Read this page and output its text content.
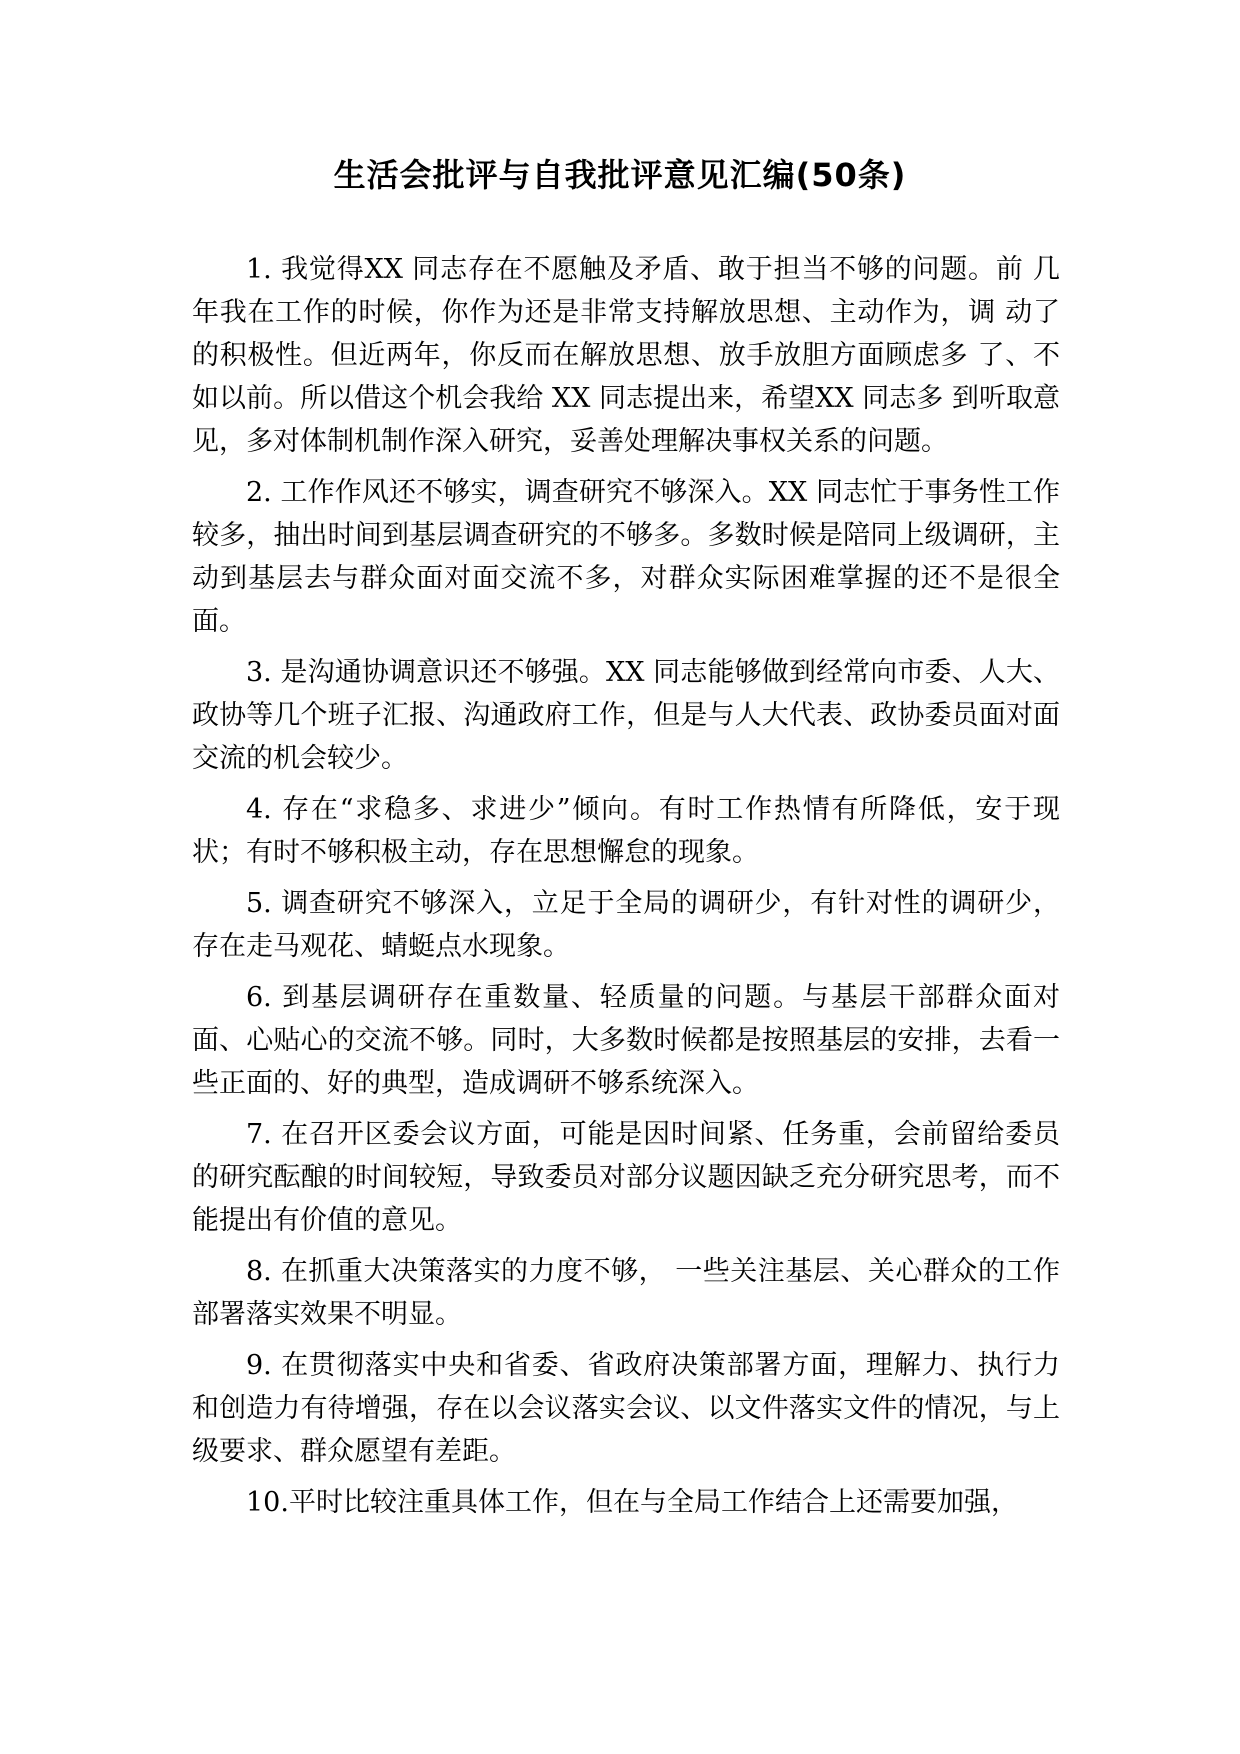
生活会批评与自我批评意见汇编(50条)

1. 我觉得XX 同志存在不愿触及矛盾、敢于担当不够的问题。前 几年我在工作的时候，你作为还是非常支持解放思想、主动作为，调 动了的积极性。但近两年，你反而在解放思想、放手放胆方面顾虑多 了、不如以前。所以借这个机会我给 XX 同志提出来，希望XX 同志多 到听取意见，多对体制机制作深入研究，妥善处理解决事权关系的问题。

2. 工作作风还不够实，调查研究不够深入。XX 同志忙于事务性工作较多，抽出时间到基层调查研究的不够多。多数时候是陪同上级调研，主动到基层去与群众面对面交流不多，对群众实际困难掌握的还不是很全面。

3. 是沟通协调意识还不够强。XX 同志能够做到经常向市委、人大、政协等几个班子汇报、沟通政府工作，但是与人大代表、政协委员面对面交流的机会较少。

4. 存在“求稳多、求进少”倾向。有时工作热情有所降低，安于现状；有时不够积极主动，存在思想懈怠的现象。

5. 调查研究不够深入，立足于全局的调研少，有针对性的调研少，存在走马观花、蜻蜓点水现象。

6. 到基层调研存在重数量、轻质量的问题。与基层干部群众面对面、心贴心的交流不够。同时，大多数时候都是按照基层的安排，去看一些正面的、好的典型，造成调研不够系统深入。

7. 在召开区委会议方面，可能是因时间紧、任务重，会前留给委员的研究酝酿的时间较短，导致委员对部分议题因缺乏充分研究思考，而不能提出有价值的意见。

8. 在抓重大决策落实的力度不够， 一些关注基层、关心群众的工作部署落实效果不明显。

9. 在贯彻落实中央和省委、省政府决策部署方面，理解力、执行力和创造力有待增强，存在以会议落实会议、以文件落实文件的情况，与上级要求、群众愿望有差距。

10.平时比较注重具体工作，但在与全局工作结合上还需要加强，
